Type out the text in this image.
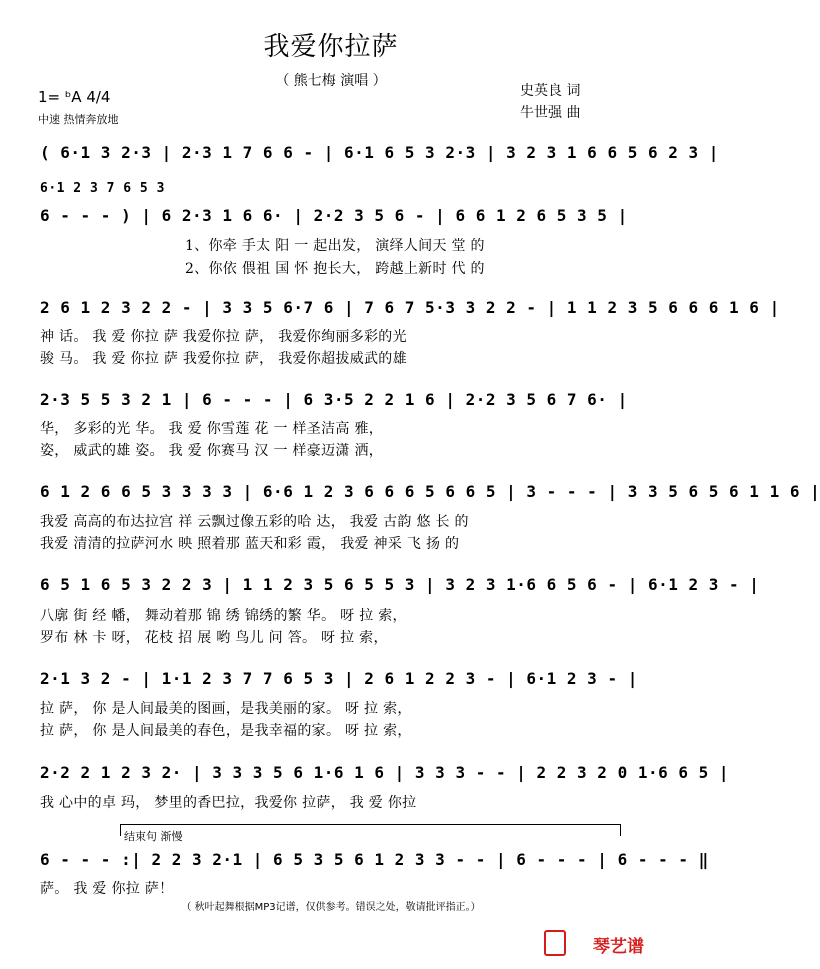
我爱你拉萨
（ 熊七梅 演唱 ）
1= ᵇA 4/4
中速 热情奔放地
史英良 词
牛世强 曲
( 6·1 3 2·3 | 2·3 1 7 6 6 - | 6·1 6 5 3 2·3 | 3 2 3 1 6 6 5 6 2 3 |
6·1 2 3 7 6 5 3
6 - - - ) | 6 2·3 1 6 6· | 2·2 3 5 6 - | 6 6 1 2 6 5 3 5 |
1、你牵 手太 阳 一 起出发， 演绎人间天 堂 的
2、你依 偎祖 国 怀 抱长大， 跨越上新时 代 的
2 6 1 2 3 2 2 - | 3 3 5 6·7 6 | 7 6 7 5·3 3 2 2 - | 1 1 2 3 5 6 6 6 1 6 |
神 话。 我 爱 你拉 萨 我爱你拉 萨， 我爱你绚丽多彩的光
骏 马。 我 爱 你拉 萨 我爱你拉 萨， 我爱你超拔威武的雄
2·3 5 5 3 2 1 | 6 - - - | 6 3·5 2 2 1 6 | 2·2 3 5 6 7 6· |
华， 多彩的光 华。 我 爱 你雪莲 花 一 样圣洁高 雅，
姿， 威武的雄 姿。 我 爱 你赛马 汉 一 样豪迈潇 洒，
6 1 2 6 6 5 3 3 3 3 | 6·6 1 2 3 6 6 6 5 6 6 5 | 3 - - - | 3 3 5 6 5 6 1 1 6 |
我爱 高高的布达拉宫 祥 云飘过像五彩的哈 达， 我爱 古韵 悠 长 的
我爱 清清的拉萨河水 映 照着那 蓝天和彩 霞， 我爱 神采 飞 扬 的
6 5 1 6 5 3 2 2 3 | 1 1 2 3 5 6 5 5 3 | 3 2 3 1·6 6 5 6 - | 6·1 2 3 - |
八廓 街 经 幡， 舞动着那 锦 绣 锦绣的繁 华。 呀 拉 索，
罗布 林 卡 呀， 花枝 招 展 哟 鸟儿 问 答。 呀 拉 索，
2·1 3 2 - | 1·1 2 3 7 7 6 5 3 | 2 6 1 2 2 3 - | 6·1 2 3 - |
拉 萨， 你 是人间最美的图画，是我美丽的家。 呀 拉 索，
拉 萨， 你 是人间最美的春色，是我幸福的家。 呀 拉 索，
2·2 2 1 2 3 2· | 3 3 3 5 6 1·6 1 6 | 3 3 3 - - | 2 2 3 2 0 1·6 6 5 |
我 心中的卓 玛， 梦里的香巴拉，我爱你 拉萨， 我 爱 你拉
结束句 渐慢
6 - - - :| 2 2 3 2·1 | 6 5 3 5 6 1 2 3 3 - - | 6 - - - | 6 - - - ‖
萨。 我 爱 你拉 萨！
（ 秋叶起舞根据MP3记谱，仅供参考。错误之处，敬请批评指正。）
琴艺谱
